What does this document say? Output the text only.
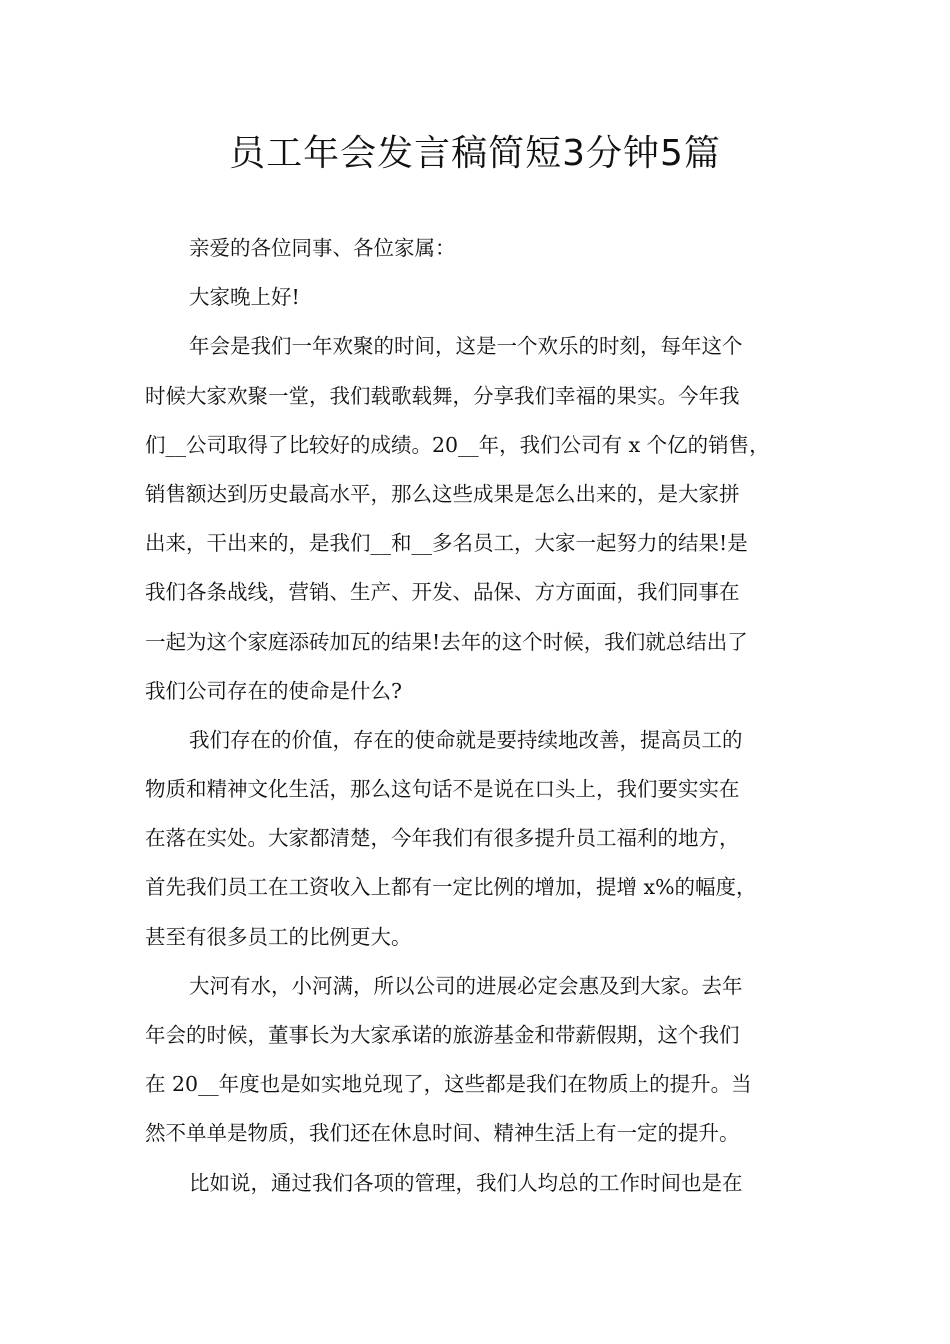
员工年会发言稿简短3分钟5篇
亲爱的各位同事、各位家属：
大家晚上好!
年会是我们一年欢聚的时间，这是一个欢乐的时刻，每年这个
时候大家欢聚一堂，我们载歌载舞，分享我们幸福的果实。今年我
们__公司取得了比较好的成绩。20__年，我们公司有 x 个亿的销售，
销售额达到历史最高水平，那么这些成果是怎么出来的，是大家拼
出来，干出来的，是我们__和__多名员工，大家一起努力的结果!是
我们各条战线，营销、生产、开发、品保、方方面面，我们同事在
一起为这个家庭添砖加瓦的结果!去年的这个时候，我们就总结出了
我们公司存在的使命是什么?
我们存在的价值，存在的使命就是要持续地改善，提高员工的
物质和精神文化生活，那么这句话不是说在口头上，我们要实实在
在落在实处。大家都清楚，今年我们有很多提升员工福利的地方，
首先我们员工在工资收入上都有一定比例的增加，提增 x%的幅度，
甚至有很多员工的比例更大。
大河有水，小河满，所以公司的进展必定会惠及到大家。去年
年会的时候，董事长为大家承诺的旅游基金和带薪假期，这个我们
在 20__年度也是如实地兑现了，这些都是我们在物质上的提升。当
然不单单是物质，我们还在休息时间、精神生活上有一定的提升。
比如说，通过我们各项的管理，我们人均总的工作时间也是在
